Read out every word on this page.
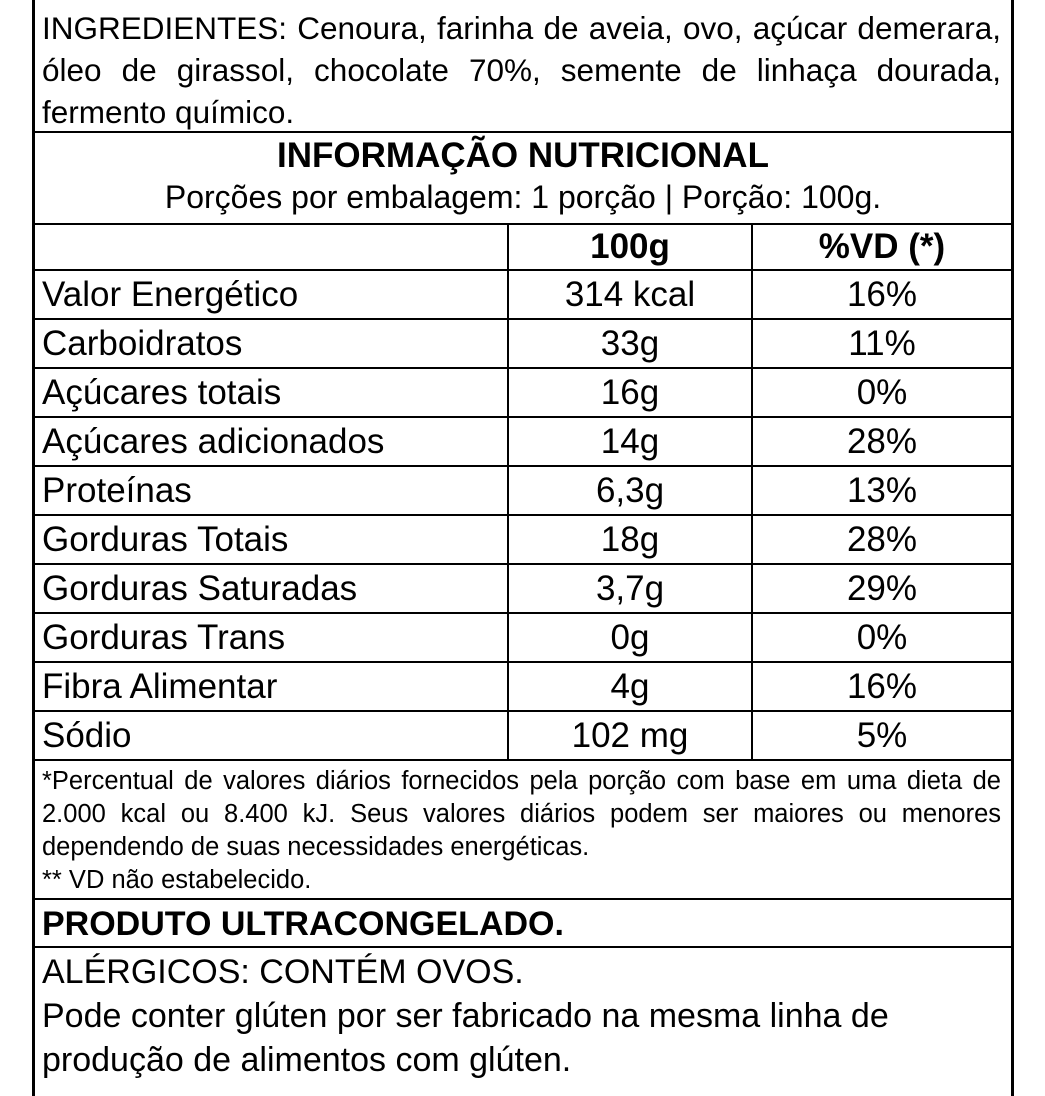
INGREDIENTES: Cenoura, farinha de aveia, ovo, açúcar demerara, óleo de girassol, chocolate 70%, semente de linhaça dourada, fermento químico.
INFORMAÇÃO NUTRICIONAL
Porções por embalagem: 1 porção | Porção: 100g.
	100g	%VD (*)
Valor Energético	314 kcal	16%
Carboidratos	33g	11%
Açúcares totais	16g	0%
Açúcares adicionados	14g	28%
Proteínas	6,3g	13%
Gorduras Totais	18g	28%
Gorduras Saturadas	3,7g	29%
Gorduras Trans	0g	0%
Fibra Alimentar	4g	16%
Sódio	102 mg	5%
*Percentual de valores diários fornecidos pela porção com base em uma dieta de 2.000 kcal ou 8.400 kJ. Seus valores diários podem ser maiores ou menores dependendo de suas necessidades energéticas.
** VD não estabelecido.
PRODUTO ULTRACONGELADO.
ALÉRGICOS: CONTÉM OVOS.
Pode conter glúten por ser fabricado na mesma linha de produção de alimentos com glúten.
